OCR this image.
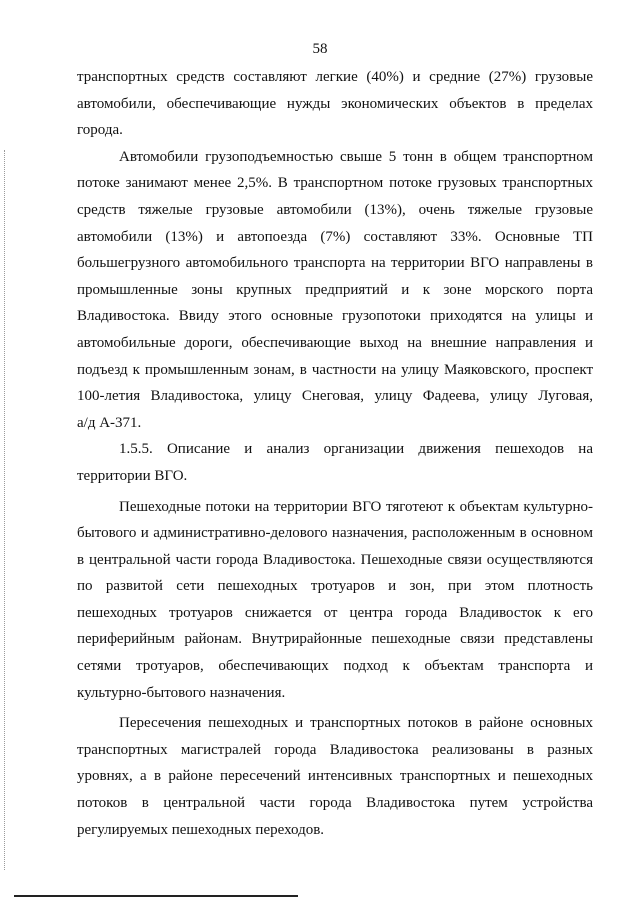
58
транспортных средств составляют легкие (40%) и средние (27%) грузовые
автомобили, обеспечивающие нужды экономических объектов в пределах
города.
Автомобили грузоподъемностью свыше 5 тонн в общем транспортном
потоке занимают менее 2,5%. В транспортном потоке грузовых транспортных
средств тяжелые грузовые автомобили (13%), очень тяжелые грузовые
автомобили (13%) и автопоезда (7%) составляют 33%. Основные ТП
большегрузного автомобильного транспорта на территории ВГО направлены в
промышленные зоны крупных предприятий и к зоне морского порта
Владивостока. Ввиду этого основные грузопотоки приходятся на улицы и
автомобильные дороги, обеспечивающие выход на внешние направления и
подъезд к промышленным зонам, в частности на улицу Маяковского, проспект
100-летия Владивостока, улицу Снеговая, улицу Фадеева, улицу Луговая,
а/д А-371.
1.5.5. Описание и анализ организации движения пешеходов на
территории ВГО.
Пешеходные потоки на территории ВГО тяготеют к объектам культурно-
бытового и административно-делового назначения, расположенным в основном
в центральной части города Владивостока. Пешеходные связи осуществляются
по развитой сети пешеходных тротуаров и зон, при этом плотность
пешеходных тротуаров снижается от центра города Владивосток к его
периферийным районам. Внутрирайонные пешеходные связи представлены
сетями тротуаров, обеспечивающих подход к объектам транспорта и
культурно-бытового назначения.
Пересечения пешеходных и транспортных потоков в районе основных
транспортных магистралей города Владивостока реализованы в разных
уровнях, а в районе пересечений интенсивных транспортных и пешеходных
потоков в центральной части города Владивостока путем устройства
регулируемых пешеходных переходов.
